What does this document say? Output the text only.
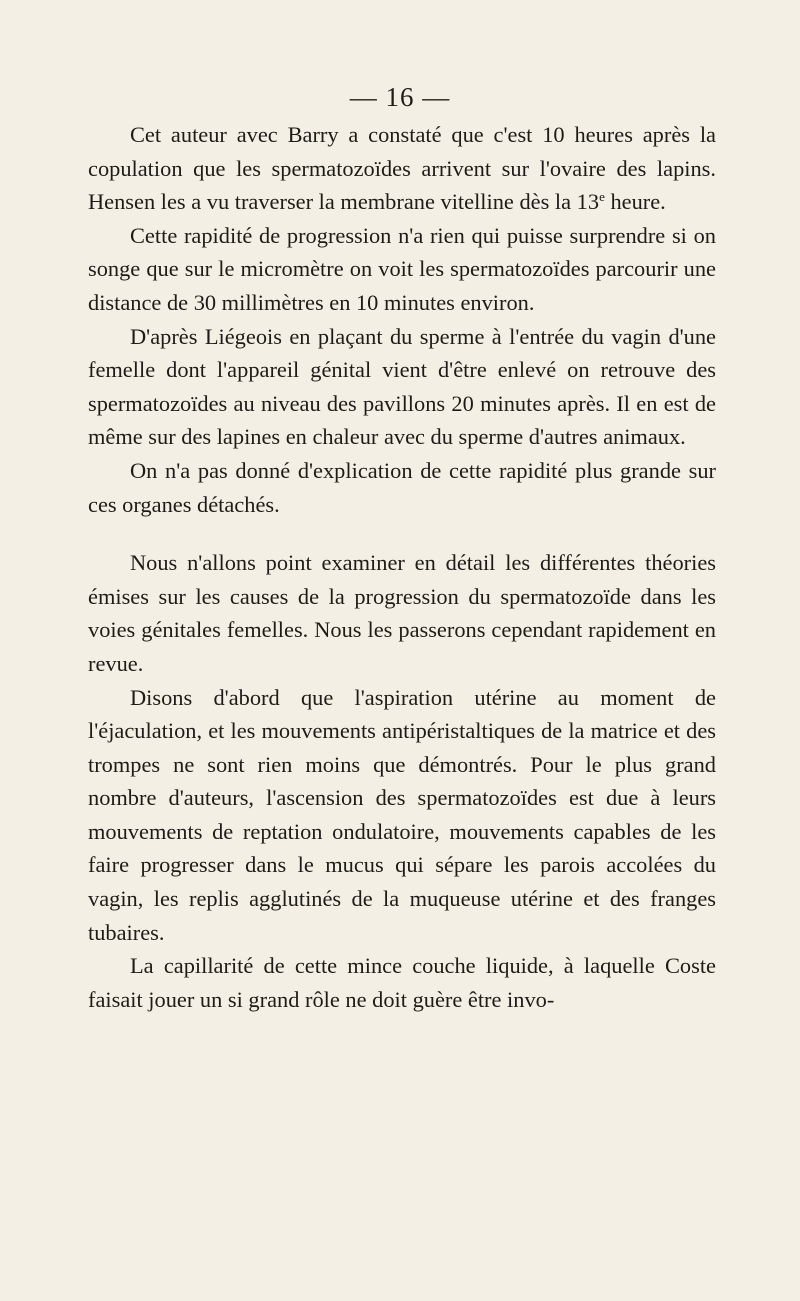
— 16 —

Cet auteur avec Barry a constaté que c'est 10 heures après la copulation que les spermatozoïdes arrivent sur l'ovaire des lapins. Hensen les a vu traverser la membrane vitelline dès la 13e heure.

Cette rapidité de progression n'a rien qui puisse surprendre si on songe que sur le micromètre on voit les spermatozoïdes parcourir une distance de 30 millimètres en 10 minutes environ.

D'après Liégeois en plaçant du sperme à l'entrée du vagin d'une femelle dont l'appareil génital vient d'être enlevé on retrouve des spermatozoïdes au niveau des pavillons 20 minutes après. Il en est de même sur des lapines en chaleur avec du sperme d'autres animaux.

On n'a pas donné d'explication de cette rapidité plus grande sur ces organes détachés.

Nous n'allons point examiner en détail les différentes théories émises sur les causes de la progression du spermatozoïde dans les voies génitales femelles. Nous les passerons cependant rapidement en revue.

Disons d'abord que l'aspiration utérine au moment de l'éjaculation, et les mouvements antipéristaltiques de la matrice et des trompes ne sont rien moins que démontrés. Pour le plus grand nombre d'auteurs, l'ascension des spermatozoïdes est due à leurs mouvements de reptation ondulatoire, mouvements capables de les faire progresser dans le mucus qui sépare les parois accolées du vagin, les replis agglutinés de la muqueuse utérine et des franges tubaires.

La capillarité de cette mince couche liquide, à laquelle Coste faisait jouer un si grand rôle ne doit guère être invo-
